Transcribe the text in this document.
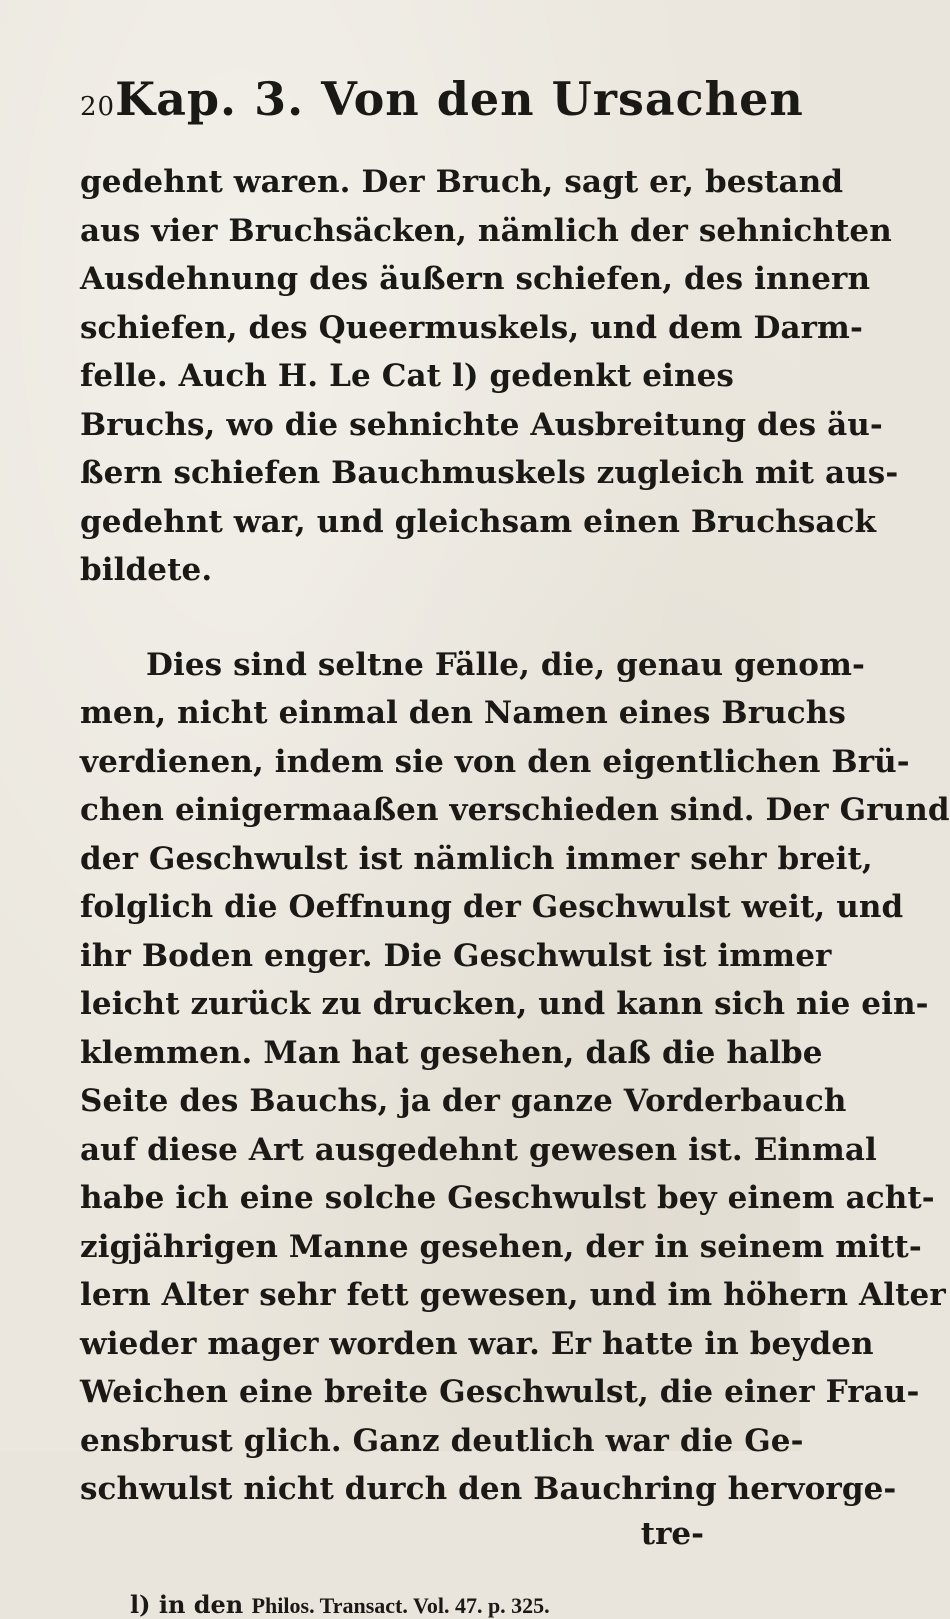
20 Kap. 3. Von den Ursachen

gedehnt waren. Der Bruch, sagt er, bestand
aus vier Bruchsäcken, nämlich der sehnichten
Ausdehnung des äußern schiefen, des innern
schiefen, des Queermuskels, und dem Darm-
felle. Auch H. Le Cat l) gedenkt eines
Bruchs, wo die sehnichte Ausbreitung des äu-
ßern schiefen Bauchmuskels zugleich mit aus-
gedehnt war, und gleichsam einen Bruchsack
bildete.

Dies sind seltne Fälle, die, genau genom-
men, nicht einmal den Namen eines Bruchs
verdienen, indem sie von den eigentlichen Brü-
chen einigermaaßen verschieden sind. Der Grund
der Geschwulst ist nämlich immer sehr breit,
folglich die Oeffnung der Geschwulst weit, und
ihr Boden enger. Die Geschwulst ist immer
leicht zurück zu drucken, und kann sich nie ein-
klemmen. Man hat gesehen, daß die halbe
Seite des Bauchs, ja der ganze Vorderbauch
auf diese Art ausgedehnt gewesen ist. Einmal
habe ich eine solche Geschwulst bey einem acht-
zigjährigen Manne gesehen, der in seinem mitt-
lern Alter sehr fett gewesen, und im höhern Alter
wieder mager worden war. Er hatte in beyden
Weichen eine breite Geschwulst, die einer Frau-
ensbrust glich. Ganz deutlich war die Ge-
schwulst nicht durch den Bauchring hervorge-

tre-
l) in den Philos. Transact. Vol. 47. p. 325.
